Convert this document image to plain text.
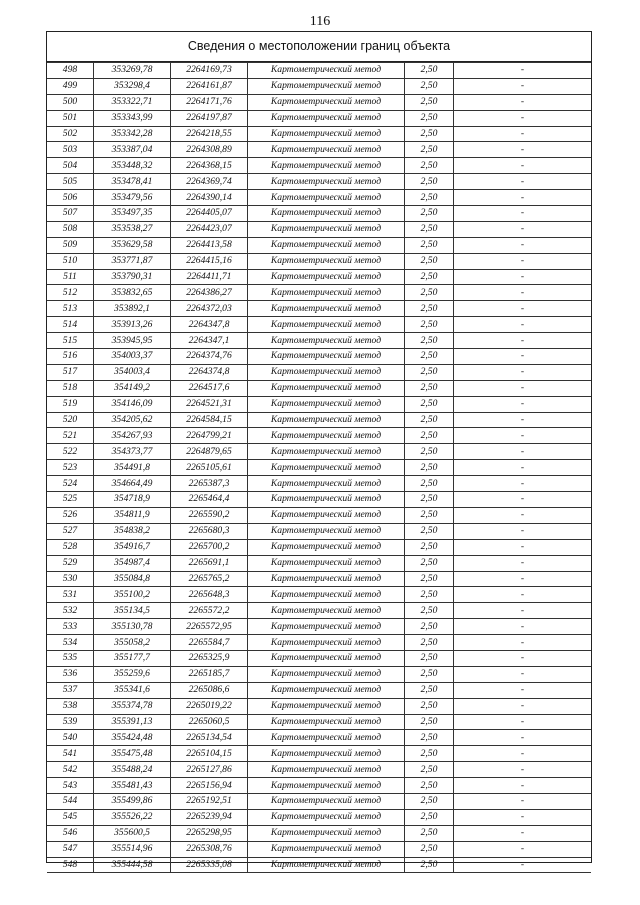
116
Сведения о местоположении границ объекта
498	353269,78	2264169,73	Картометрический метод	2,50	-
499	353298,4	2264161,87	Картометрический метод	2,50	-
500	353322,71	2264171,76	Картометрический метод	2,50	-
501	353343,99	2264197,87	Картометрический метод	2,50	-
502	353342,28	2264218,55	Картометрический метод	2,50	-
503	353387,04	2264308,89	Картометрический метод	2,50	-
504	353448,32	2264368,15	Картометрический метод	2,50	-
505	353478,41	2264369,74	Картометрический метод	2,50	-
506	353479,56	2264390,14	Картометрический метод	2,50	-
507	353497,35	2264405,07	Картометрический метод	2,50	-
508	353538,27	2264423,07	Картометрический метод	2,50	-
509	353629,58	2264413,58	Картометрический метод	2,50	-
510	353771,87	2264415,16	Картометрический метод	2,50	-
511	353790,31	2264411,71	Картометрический метод	2,50	-
512	353832,65	2264386,27	Картометрический метод	2,50	-
513	353892,1	2264372,03	Картометрический метод	2,50	-
514	353913,26	2264347,8	Картометрический метод	2,50	-
515	353945,95	2264347,1	Картометрический метод	2,50	-
516	354003,37	2264374,76	Картометрический метод	2,50	-
517	354003,4	2264374,8	Картометрический метод	2,50	-
518	354149,2	2264517,6	Картометрический метод	2,50	-
519	354146,09	2264521,31	Картометрический метод	2,50	-
520	354205,62	2264584,15	Картометрический метод	2,50	-
521	354267,93	2264799,21	Картометрический метод	2,50	-
522	354373,77	2264879,65	Картометрический метод	2,50	-
523	354491,8	2265105,61	Картометрический метод	2,50	-
524	354664,49	2265387,3	Картометрический метод	2,50	-
525	354718,9	2265464,4	Картометрический метод	2,50	-
526	354811,9	2265590,2	Картометрический метод	2,50	-
527	354838,2	2265680,3	Картометрический метод	2,50	-
528	354916,7	2265700,2	Картометрический метод	2,50	-
529	354987,4	2265691,1	Картометрический метод	2,50	-
530	355084,8	2265765,2	Картометрический метод	2,50	-
531	355100,2	2265648,3	Картометрический метод	2,50	-
532	355134,5	2265572,2	Картометрический метод	2,50	-
533	355130,78	2265572,95	Картометрический метод	2,50	-
534	355058,2	2265584,7	Картометрический метод	2,50	-
535	355177,7	2265325,9	Картометрический метод	2,50	-
536	355259,6	2265185,7	Картометрический метод	2,50	-
537	355341,6	2265086,6	Картометрический метод	2,50	-
538	355374,78	2265019,22	Картометрический метод	2,50	-
539	355391,13	2265060,5	Картометрический метод	2,50	-
540	355424,48	2265134,54	Картометрический метод	2,50	-
541	355475,48	2265104,15	Картометрический метод	2,50	-
542	355488,24	2265127,86	Картометрический метод	2,50	-
543	355481,43	2265156,94	Картометрический метод	2,50	-
544	355499,86	2265192,51	Картометрический метод	2,50	-
545	355526,22	2265239,94	Картометрический метод	2,50	-
546	355600,5	2265298,95	Картометрический метод	2,50	-
547	355514,96	2265308,76	Картометрический метод	2,50	-
548	355444,58	2265335,08	Картометрический метод	2,50	-
